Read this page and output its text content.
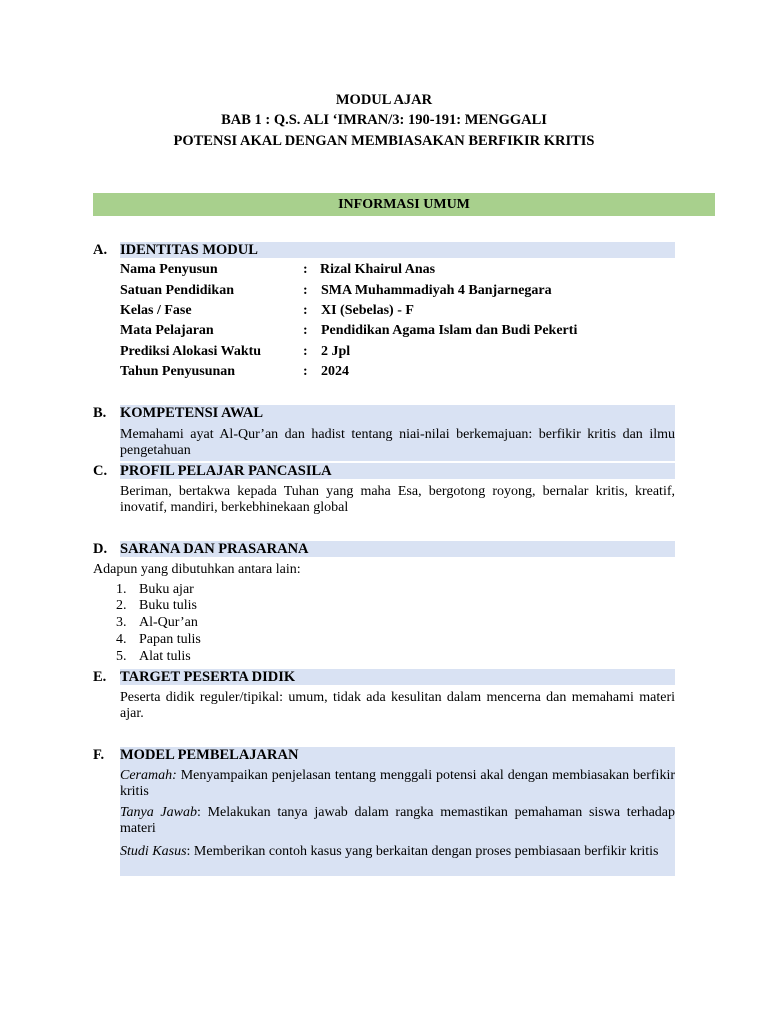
MODUL AJAR
BAB 1 : Q.S. ALI ‘IMRAN/3: 190-191: MENGGALI
POTENSI AKAL DENGAN MEMBIASAKAN BERFIKIR KRITIS
INFORMASI UMUM
A. IDENTITAS MODUL
Nama Penyusun	: Rizal Khairul Anas
Satuan Pendidikan	: SMA Muhammadiyah 4 Banjarnegara
Kelas / Fase	: XI (Sebelas) - F
Mata Pelajaran	: Pendidikan Agama Islam dan Budi Pekerti
Prediksi Alokasi Waktu	: 2 Jpl
Tahun Penyusunan	: 2024
B. KOMPETENSI AWAL
Memahami ayat Al-Qur’an dan hadist tentang niai-nilai berkemajuan: berfikir kritis dan ilmu pengetahuan
C. PROFIL PELAJAR PANCASILA
Beriman, bertakwa kepada Tuhan yang maha Esa, bergotong royong, bernalar kritis, kreatif, inovatif, mandiri, berkebhinekaan global
D. SARANA DAN PRASARANA
Adapun yang dibutuhkan antara lain:
1. Buku ajar
2. Buku tulis
3. Al-Qur’an
4. Papan tulis
5. Alat tulis
E. TARGET PESERTA DIDIK
Peserta didik reguler/tipikal: umum, tidak ada kesulitan dalam mencerna dan memahami materi ajar.
F. MODEL PEMBELAJARAN
Ceramah: Menyampaikan penjelasan tentang menggali potensi akal dengan membiasakan berfikir kritis
Tanya Jawab: Melakukan tanya jawab dalam rangka memastikan pemahaman siswa terhadap materi
Studi Kasus: Memberikan contoh kasus yang berkaitan dengan proses pembiasaan berfikir kritis
